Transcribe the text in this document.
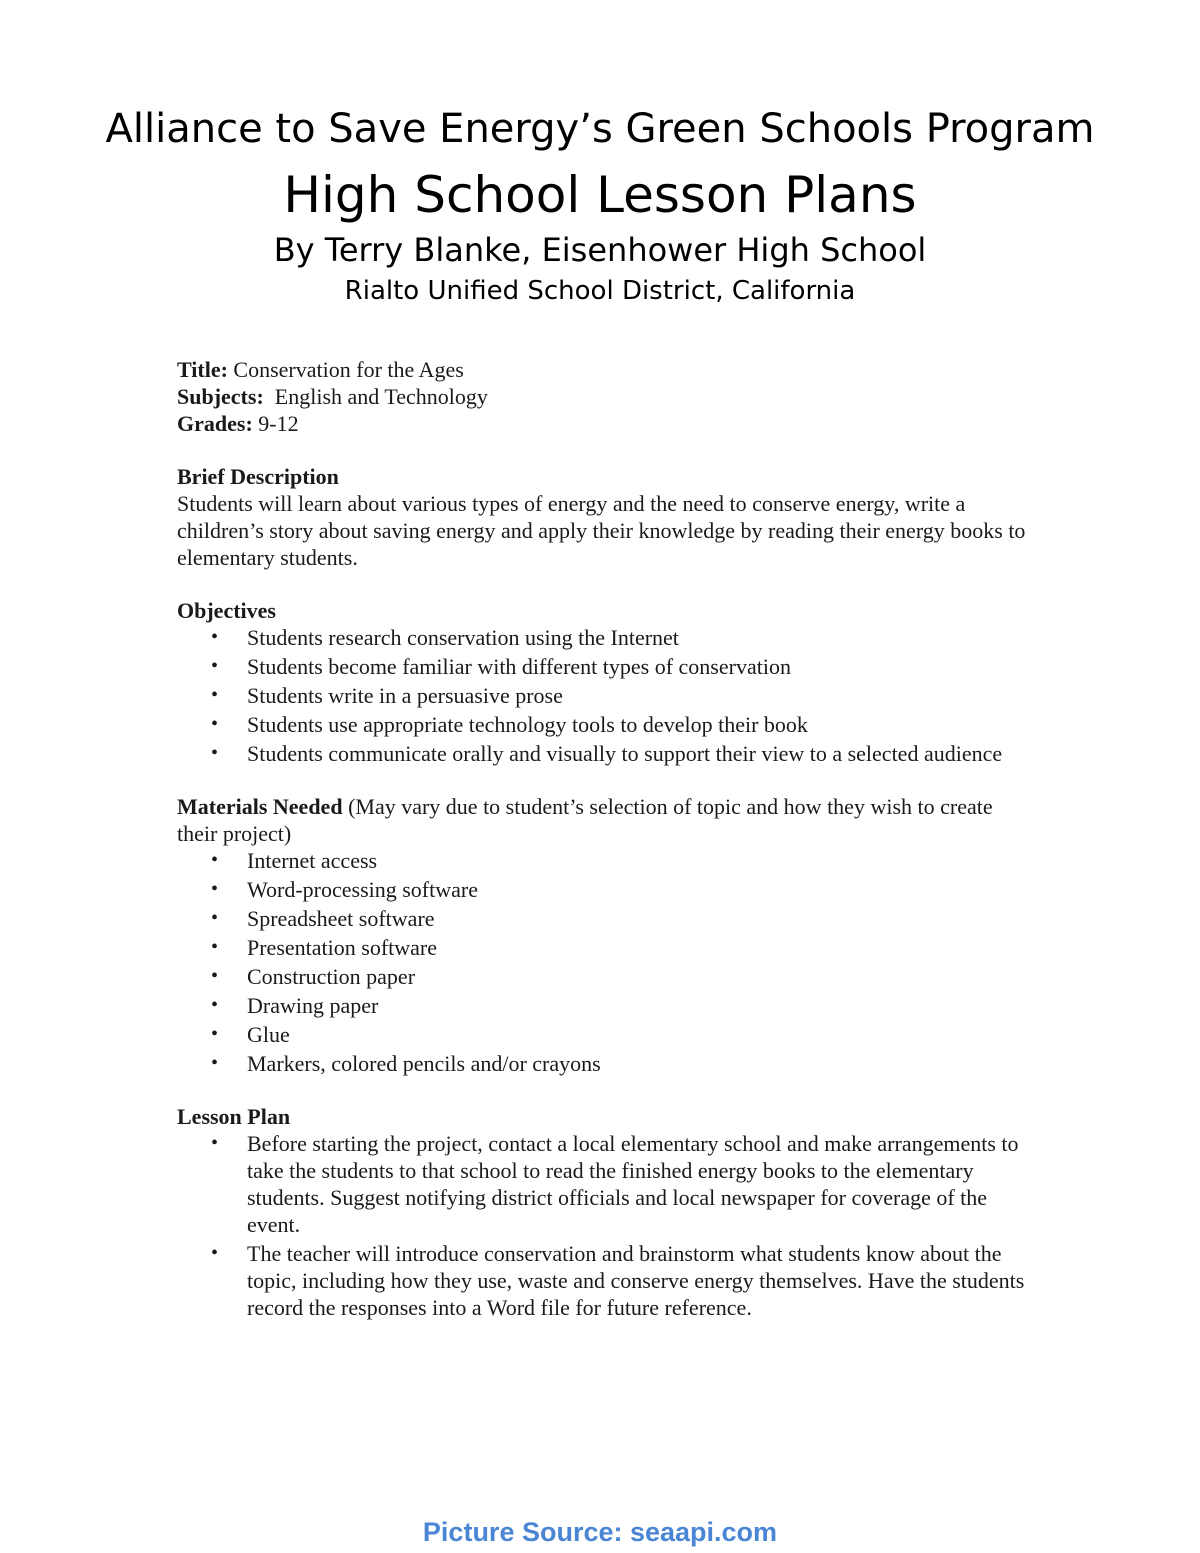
Alliance to Save Energy’s Green Schools Program
High School Lesson Plans
By Terry Blanke, Eisenhower High School
Rialto Unified School District, California

Title: Conservation for the Ages

Subjects:  English and Technology

Grades: 9-12

Brief Description

Students will learn about various types of energy and the need to conserve energy, write a children’s story about saving energy and apply their knowledge by reading their energy books to elementary students.

Objectives
• Students research conservation using the Internet
• Students become familiar with different types of conservation
• Students write in a persuasive prose
• Students use appropriate technology tools to develop their book
• Students communicate orally and visually to support their view to a selected audience
Materials Needed (May vary due to student’s selection of topic and how they wish to create their project)
• Internet access
• Word-processing software
• Spreadsheet software
• Presentation software
• Construction paper
• Drawing paper
• Glue
• Markers, colored pencils and/or crayons
Lesson Plan
• Before starting the project, contact a local elementary school and make arrangements to take the students to that school to read the finished energy books to the elementary students. Suggest notifying district officials and local newspaper for coverage of the event.
• The teacher will introduce conservation and brainstorm what students know about the topic, including how they use, waste and conserve energy themselves. Have the students record the responses into a Word file for future reference.
Picture Source: seaapi.com
